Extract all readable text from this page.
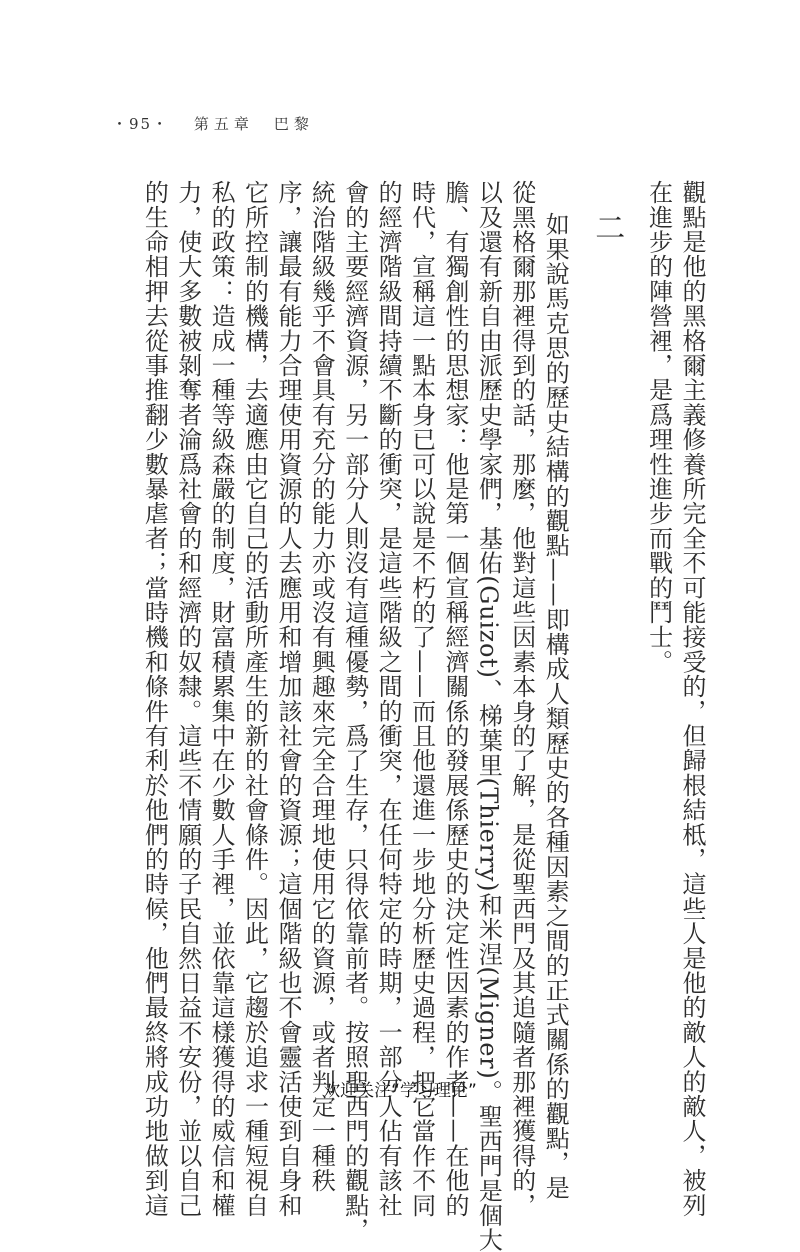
・95・ 第五章　巴黎
觀點是他的黑格爾主義修養所完全不可能接受的，但歸根結柢，這些人是他的敵人的敵人，被列
在進步的陣營裡，是爲理性進步而戰的鬥士。
二
如果說馬克思的歷史結構的觀點——即構成人類歷史的各種因素之間的正式關係的觀點，是
從黑格爾那裡得到的話，那麼，他對這些因素本身的了解，是從聖西門及其追隨者那裡獲得的，
以及還有新自由派歷史學家們，基佑(Guizot)、梯葉里(Thierry)和米涅(Migner)。聖西門是個大
膽、有獨創性的思想家：他是第一個宣稱經濟關係的發展係歷史的決定性因素的作者——在他的
時代，宣稱這一點本身已可以說是不朽的了——而且他還進一步地分析歷史過程，把它當作不同
的經濟階級間持續不斷的衝突，是這些階級之間的衝突，在任何特定的時期，一部分人佔有該社
會的主要經濟資源，另一部分人則沒有這種優勢，爲了生存，只得依靠前者。按照聖西門的觀點，
統治階級幾乎不會具有充分的能力亦或沒有興趣來完全合理地使用它的資源，或者判定一種秩
序，讓最有能力合理使用資源的人去應用和增加該社會的資源；這個階級也不會靈活使到自身和
它所控制的機構，去適應由它自己的活動所產生的新的社會條件。因此，它趨於追求一種短視自
私的政策：造成一種等級森嚴的制度，財富積累集中在少數人手裡，並依靠這樣獲得的威信和權
力，使大多數被剝奪者淪爲社會的和經濟的奴隸。這些不情願的子民自然日益不安份，並以自己
的生命相押去從事推翻少數暴虐者；當時機和條件有利於他們的時候，他們最終將成功地做到這	欢迎关注“学习理论”
